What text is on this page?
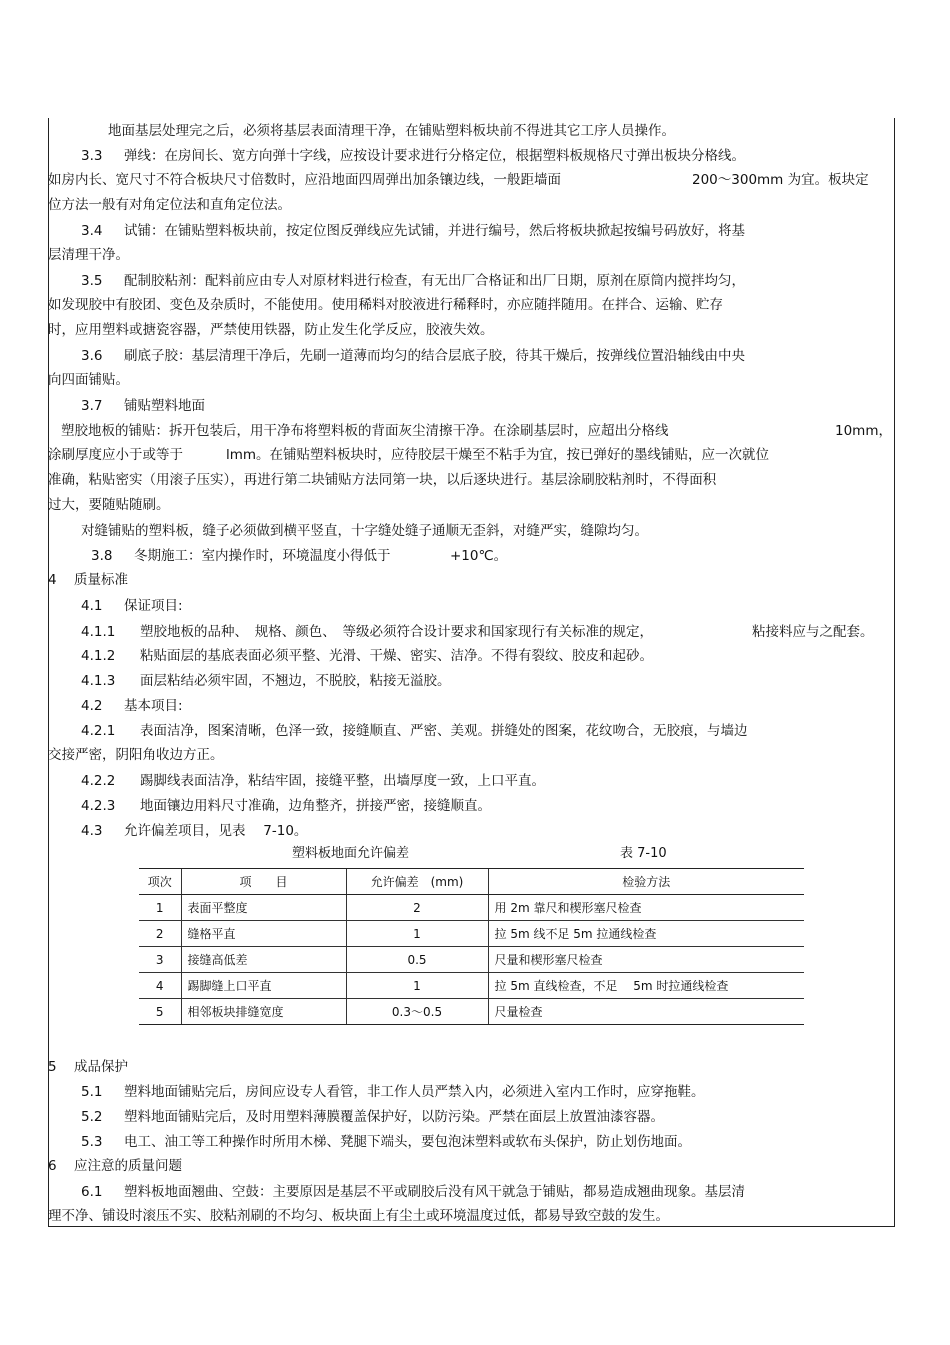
地面基层处理完之后，必须将基层表面清理干净，在铺贴塑料板块前不得进其它工序人员操作。
3.3 弹线：在房间长、宽方向弹十字线，应按设计要求进行分格定位，根据塑料板规格尺寸弹出板块分格线。
如房内长、宽尺寸不符合板块尺寸倍数时，应沿地面四周弹出加条镶边线，一般距墙面	200～300mm 为宜。板块定
位方法一般有对角定位法和直角定位法。
3.4 试铺：在铺贴塑料板块前，按定位图反弹线应先试铺，并进行编号，然后将板块掀起按编号码放好，将基
层清理干净。
3.5 配制胶粘剂：配料前应由专人对原材料进行检查，有无出厂合格证和出厂日期，原剂在原筒内搅拌均匀，
如发现胶中有胶团、变色及杂质时，不能使用。使用稀料对胶液进行稀释时，亦应随拌随用。在拌合、运输、贮存
时，应用塑料或搪瓷容器，严禁使用铁器，防止发生化学反应，胶液失效。
3.6 刷底子胶：基层清理干净后，先刷一道薄而均匀的结合层底子胶，待其干燥后，按弹线位置沿轴线由中央
向四面铺贴。
3.7 铺贴塑料地面
塑胶地板的铺贴：拆开包装后，用干净布将塑料板的背面灰尘清擦干净。在涂刷基层时，应超出分格线	10mm，
涂刷厚度应小于或等于	lmm。在铺贴塑料板块时，应待胶层干燥至不粘手为宜，按已弹好的墨线铺贴，应一次就位
准确，粘贴密实（用滚子压实），再进行第二块铺贴方法同第一块，以后逐块进行。基层涂刷胶粘剂时，不得面积
过大，要随贴随刷。
对缝铺贴的塑料板，缝子必须做到横平竖直，十字缝处缝子通顺无歪斜，对缝严实，缝隙均匀。
3.8 冬期施工：室内操作时，环境温度小得低于	+10℃。
4 质量标准
4.1 保证项目:
4.1.1 塑胶地板的品种、　规格、颜色、　等级必须符合设计要求和国家现行有关标准的规定，	粘接料应与之配套。
4.1.2 粘贴面层的基底表面必须平整、光滑、干燥、密实、洁净。不得有裂纹、胶皮和起砂。
4.1.3 面层粘结必须牢固，不翘边，不脱胶，粘接无溢胶。
4.2 基本项目:
4.2.1 表面洁净，图案清晰，色泽一致，接缝顺直、严密、美观。拼缝处的图案，花纹吻合，无胶痕，与墙边
交接严密，阴阳角收边方正。
4.2.2 踢脚线表面洁净，粘结牢固，接缝平整，出墙厚度一致，上口平直。
4.2.3 地面镶边用料尺寸准确，边角整齐，拼接严密，接缝顺直。
4.3 允许偏差项目，见表　 7-10。
塑料板地面允许偏差	表 7-10
项次	项　　目	允许偏差　(mm)	检验方法
1	表面平整度	2	用 2m 靠尺和楔形塞尺检查
2	缝格平直	1	拉 5m 线不足 5m 拉通线检查
3	接缝高低差	0.5	尺量和楔形塞尺检查
4	踢脚缝上口平直	1	拉 5m 直线检查，不足　 5m 时拉通线检查
5	相邻板块排缝宽度	0.3～0.5	尺量检查
5 成品保护
5.1 塑料地面铺贴完后，房间应设专人看管，非工作人员严禁入内，必须进入室内工作时，应穿拖鞋。
5.2 塑料地面铺贴完后，及时用塑料薄膜覆盖保护好，以防污染。严禁在面层上放置油漆容器。
5.3 电工、油工等工种操作时所用木梯、凳腿下端头，要包泡沫塑料或软布头保护，防止划伤地面。
6 应注意的质量问题
6.1 塑料板地面翘曲、空鼓：主要原因是基层不平或刷胶后没有风干就急于铺贴，都易造成翘曲现象。基层清
理不净、铺设时滚压不实、胶粘剂刷的不均匀、板块面上有尘土或环境温度过低，都易导致空鼓的发生。
